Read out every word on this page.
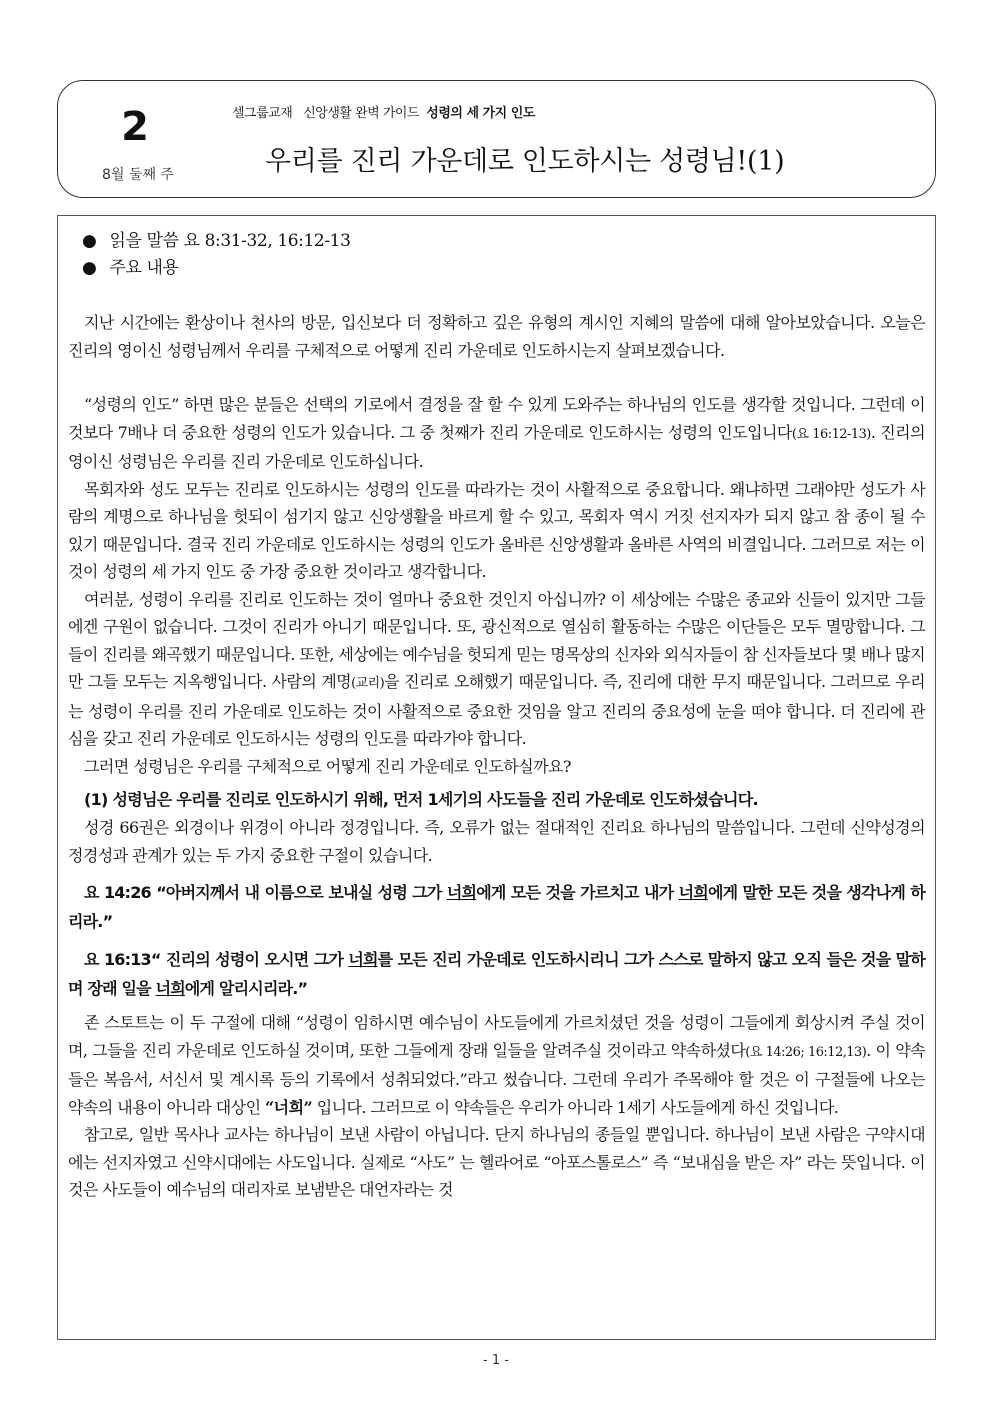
2
8월 둘째 주
셀그룹교재 신앙생활 완벽 가이드 성령의 세 가지 인도
우리를 진리 가운데로 인도하시는 성령님!(1)
● 읽을 말씀 요 8:31-32, 16:12-13
● 주요 내용

지난 시간에는 환상이나 천사의 방문, 입신보다 더 정확하고 깊은 유형의 계시인 지혜의 말씀에 대해 알아보았습니다. 오늘은 진리의 영이신 성령님께서 우리를 구체적으로 어떻게 진리 가운데로 인도하시는지 살펴보겠습니다.

“성령의 인도” 하면 많은 분들은 선택의 기로에서 결정을 잘 할 수 있게 도와주는 하나님의 인도를 생각할 것입니다. 그런데 이것보다 7배나 더 중요한 성령의 인도가 있습니다. 그 중 첫째가 진리 가운데로 인도하시는 성령의 인도입니다(요 16:12-13). 진리의 영이신 성령님은 우리를 진리 가운데로 인도하십니다.

목회자와 성도 모두는 진리로 인도하시는 성령의 인도를 따라가는 것이 사활적으로 중요합니다. 왜냐하면 그래야만 성도가 사람의 계명으로 하나님을 헛되이 섬기지 않고 신앙생활을 바르게 할 수 있고, 목회자 역시 거짓 선지자가 되지 않고 참 종이 될 수 있기 때문입니다. 결국 진리 가운데로 인도하시는 성령의 인도가 올바른 신앙생활과 올바른 사역의 비결입니다. 그러므로 저는 이것이 성령의 세 가지 인도 중 가장 중요한 것이라고 생각합니다.

여러분, 성령이 우리를 진리로 인도하는 것이 얼마나 중요한 것인지 아십니까? 이 세상에는 수많은 종교와 신들이 있지만 그들에겐 구원이 없습니다. 그것이 진리가 아니기 때문입니다. 또, 광신적으로 열심히 활동하는 수많은 이단들은 모두 멸망합니다. 그들이 진리를 왜곡했기 때문입니다. 또한, 세상에는 예수님을 헛되게 믿는 명목상의 신자와 외식자들이 참 신자들보다 몇 배나 많지만 그들 모두는 지옥행입니다. 사람의 계명(교리)을 진리로 오해했기 때문입니다. 즉, 진리에 대한 무지 때문입니다. 그러므로 우리는 성령이 우리를 진리 가운데로 인도하는 것이 사활적으로 중요한 것임을 알고 진리의 중요성에 눈을 떠야 합니다. 더 진리에 관심을 갖고 진리 가운데로 인도하시는 성령의 인도를 따라가야 합니다.

그러면 성령님은 우리를 구체적으로 어떻게 진리 가운데로 인도하실까요?

(1) 성령님은 우리를 진리로 인도하시기 위해, 먼저 1세기의 사도들을 진리 가운데로 인도하셨습니다.

성경 66권은 외경이나 위경이 아니라 정경입니다. 즉, 오류가 없는 절대적인 진리요 하나님의 말씀입니다. 그런데 신약성경의 정경성과 관계가 있는 두 가지 중요한 구절이 있습니다.

요 14:26 “아버지께서 내 이름으로 보내실 성령 그가 너희에게 모든 것을 가르치고 내가 너희에게 말한 모든 것을 생각나게 하리라.”
요 16:13“ 진리의 성령이 오시면 그가 너희를 모든 진리 가운데로 인도하시리니 그가 스스로 말하지 않고 오직 들은 것을 말하며 장래 일을 너희에게 알리시리라.”

존 스토트는 이 두 구절에 대해 “성령이 임하시면 예수님이 사도들에게 가르치셨던 것을 성령이 그들에게 회상시켜 주실 것이며, 그들을 진리 가운데로 인도하실 것이며, 또한 그들에게 장래 일들을 알려주실 것이라고 약속하셨다(요 14:26; 16:12,13). 이 약속들은 복음서, 서신서 및 계시록 등의 기록에서 성취되었다.”라고 썼습니다. 그런데 우리가 주목해야 할 것은 이 구절들에 나오는 약속의 내용이 아니라 대상인 “너희” 입니다. 그러므로 이 약속들은 우리가 아니라 1세기 사도들에게 하신 것입니다.

참고로, 일반 목사나 교사는 하나님이 보낸 사람이 아닙니다. 단지 하나님의 종들일 뿐입니다. 하나님이 보낸 사람은 구약시대에는 선지자였고 신약시대에는 사도입니다. 실제로 “사도” 는 헬라어로 “아포스톨로스” 즉 “보내심을 받은 자” 라는 뜻입니다. 이것은 사도들이 예수님의 대리자로 보냄받은 대언자라는 것

- 1 -
